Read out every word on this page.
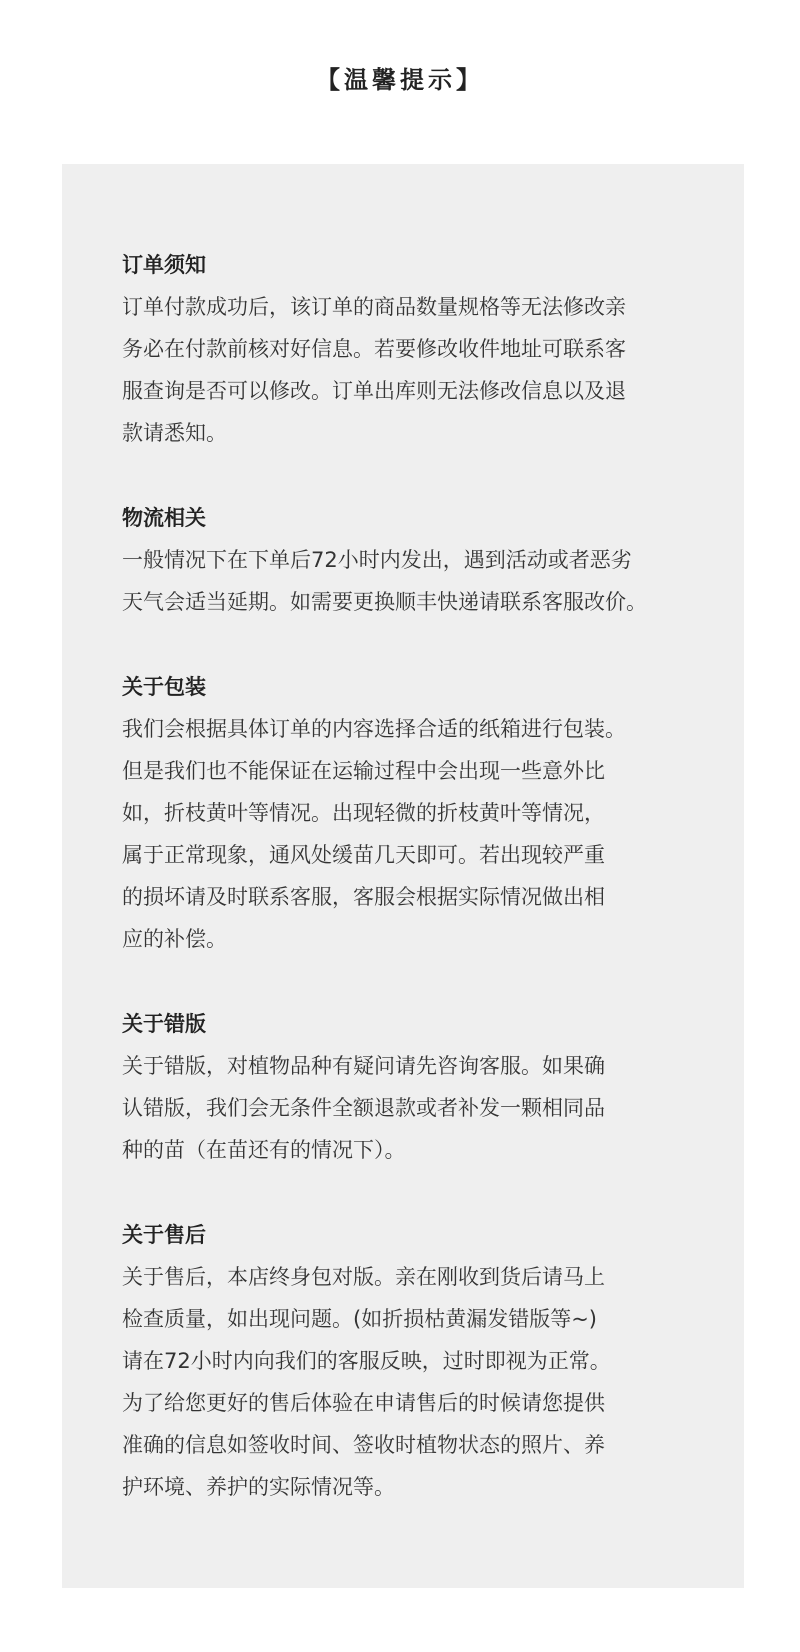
【温馨提示】

订单须知

订单付款成功后，该订单的商品数量规格等无法修改亲

务必在付款前核对好信息。若要修改收件地址可联系客

服查询是否可以修改。订单出库则无法修改信息以及退

款请悉知。

物流相关

一般情况下在下单后72小时内发出，遇到活动或者恶劣

天气会适当延期。如需要更换顺丰快递请联系客服改价。

关于包装

我们会根据具体订单的内容选择合适的纸箱进行包装。

但是我们也不能保证在运输过程中会出现一些意外比

如，折枝黄叶等情况。出现轻微的折枝黄叶等情况，

属于正常现象，通风处缓苗几天即可。若出现较严重

的损坏请及时联系客服，客服会根据实际情况做出相

应的补偿。

关于错版

关于错版，对植物品种有疑问请先咨询客服。如果确

认错版，我们会无条件全额退款或者补发一颗相同品

种的苗（在苗还有的情况下）。

关于售后

关于售后，本店终身包对版。亲在刚收到货后请马上

检查质量，如出现问题。(如折损枯黄漏发错版等~)

请在72小时内向我们的客服反映，过时即视为正常。

为了给您更好的售后体验在申请售后的时候请您提供

准确的信息如签收时间、签收时植物状态的照片、养

护环境、养护的实际情况等。
